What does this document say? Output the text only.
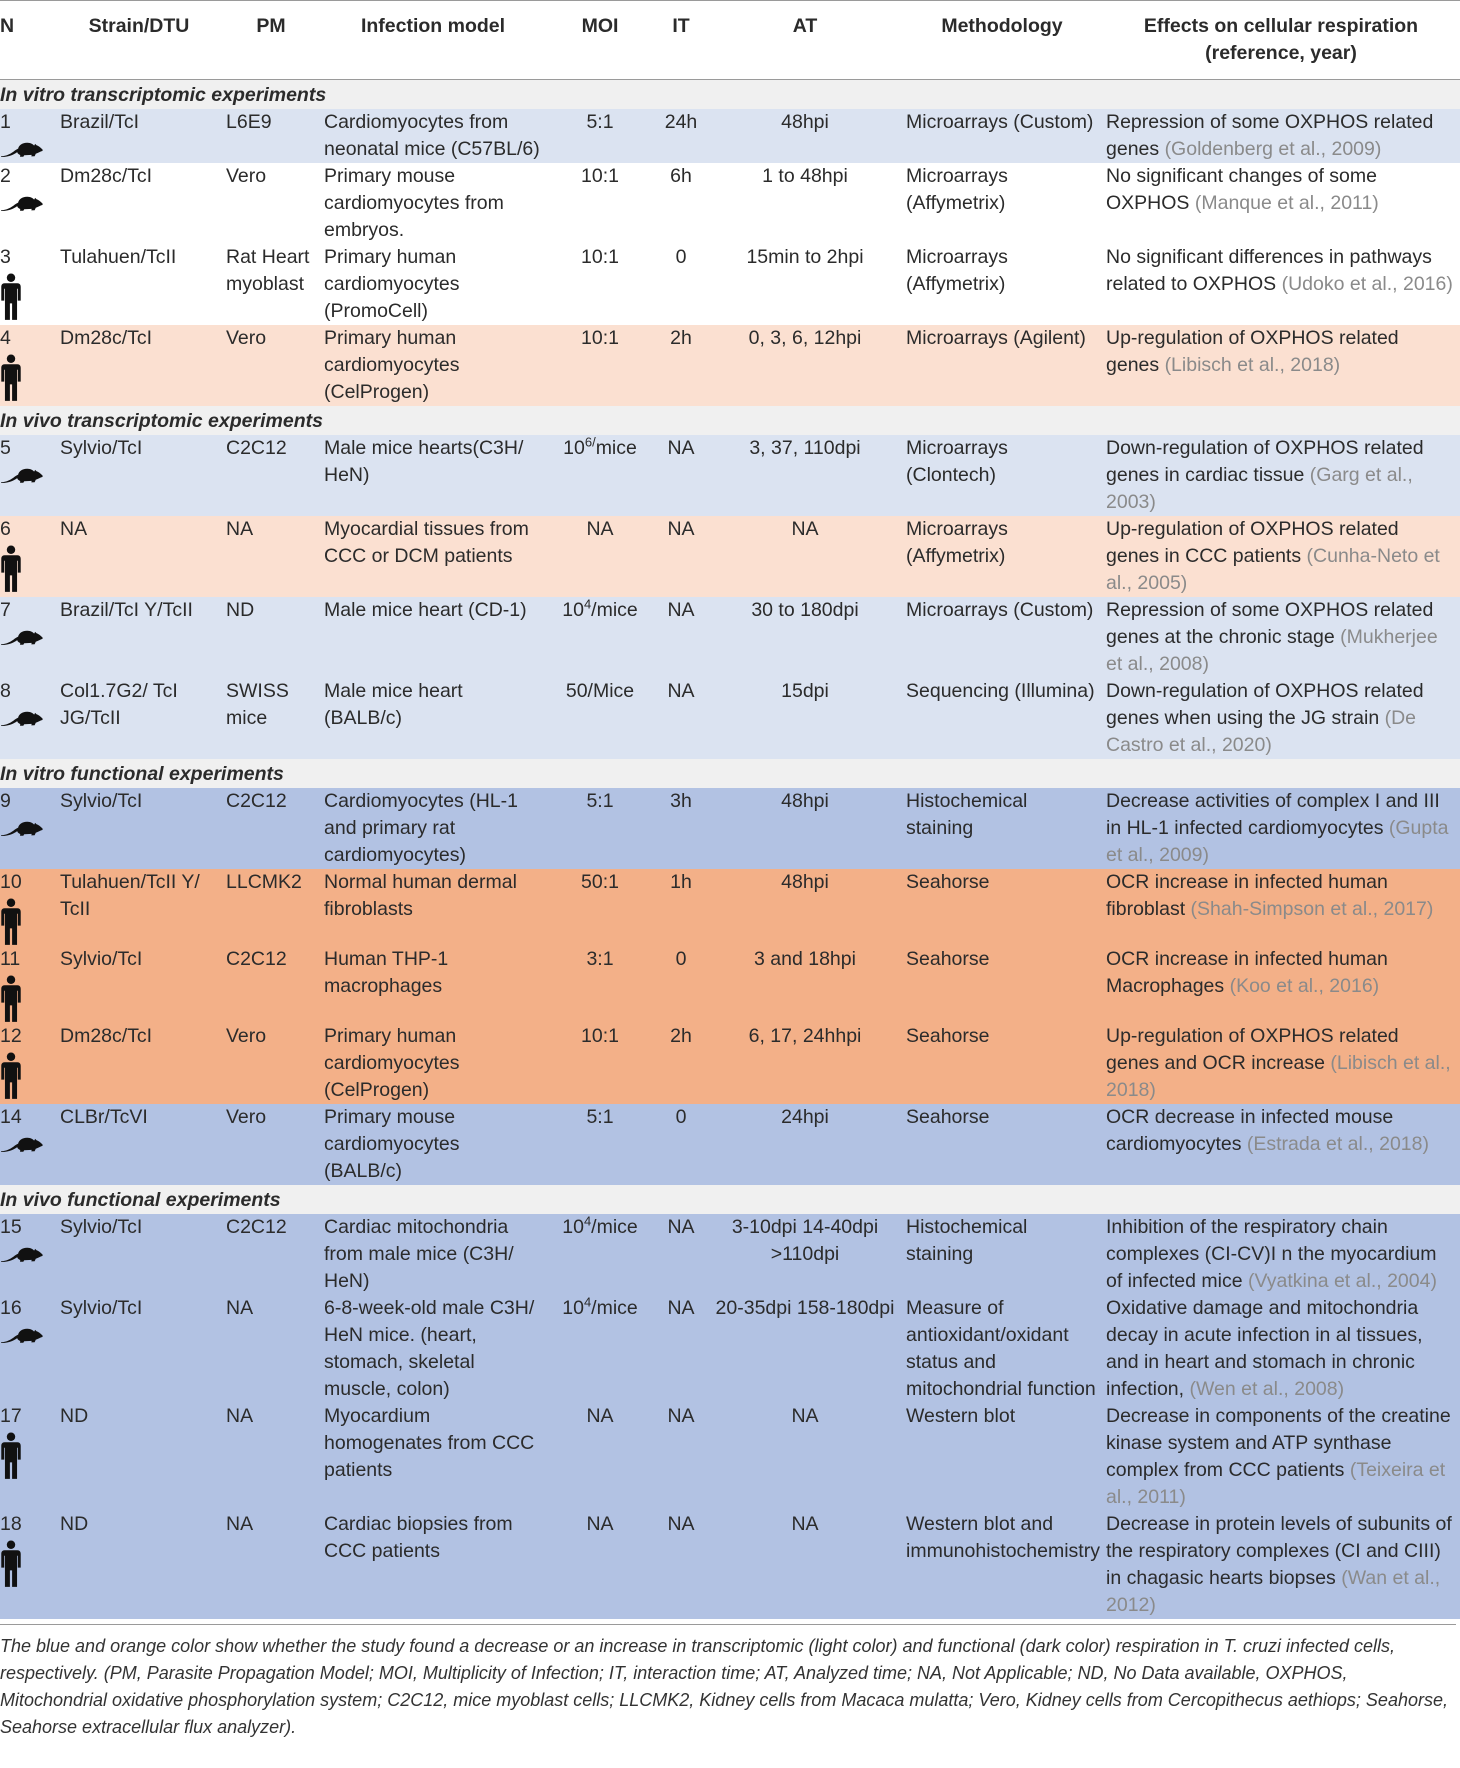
N	Strain/DTU	PM	Infection model	MOI	IT	AT	Methodology	Effects on cellular respiration (reference, year)
In vitro transcriptomic experiments								

1	Brazil/TcI	L6E9	Cardiomyocytes from neonatal mice (C57BL/6)	5:1	24h	48hpi	Microarrays (Custom)	Repression of some OXPHOS related genes (Goldenberg et al., 2009)

2	Dm28c/TcI	Vero	Primary mouse cardiomyocytes from embryos.	10:1	6h	1 to 48hpi	Microarrays (Affymetrix)	No significant changes of some OXPHOS (Manque et al., 2011)

3	Tulahuen/TcII	Rat Heart myoblast	Primary human cardiomyocytes (PromoCell)	10:1	0	15min to 2hpi	Microarrays (Affymetrix)	No significant differences in pathways related to OXPHOS (Udoko et al., 2016)

4	Dm28c/TcI	Vero	Primary human cardiomyocytes (CelProgen)	10:1	2h	0, 3, 6, 12hpi	Microarrays (Agilent)	Up-regulation of OXPHOS related genes (Libisch et al., 2018)
In vivo transcriptomic experiments								

5	Sylvio/TcI	C2C12	Male mice hearts(C3H/ HeN)	$10^{6/}mice$	NA	3, 37, 110dpi	Microarrays (Clontech)	Down-regulation of OXPHOS related genes in cardiac tissue (Garg et al., 2003)

6	NA	NA	Myocardial tissues from CCC or DCM patients	NA	NA	NA	Microarrays (Affymetrix)	Up-regulation of OXPHOS related genes in CCC patients (Cunha-Neto et al., 2005)

7	Brazil/TcI Y/TcII	ND	Male mice heart (CD-1)	$10^4$/mice	NA	30 to 180dpi	Microarrays (Custom)	Repression of some OXPHOS related genes at the chronic stage (Mukherjee et al., 2008)

8	Col1.7G2/ TcI JG/TcII	SWISS mice	Male mice heart (BALB/c)	50/Mice	NA	15dpi	Sequencing (Illumina)	Down-regulation of OXPHOS related genes when using the JG strain (De Castro et al., 2020)
In vitro functional experiments								

9	Sylvio/TcI	C2C12	Cardiomyocytes (HL-1 and primary rat cardiomyocytes)	5:1	3h	48hpi	Histochemical staining	Decrease activities of complex I and III in HL-1 infected cardiomyocytes (Gupta et al., 2009)

10	Tulahuen/TcII Y/ TcII	LLCMK2	Normal human dermal fibroblasts	50:1	1h	48hpi	Seahorse	OCR increase in infected human fibroblast (Shah-Simpson et al., 2017)

11	Sylvio/TcI	C2C12	Human THP-1 macrophages	3:1	0	3 and 18hpi	Seahorse	OCR increase in infected human Macrophages (Koo et al., 2016)

12	Dm28c/TcI	Vero	Primary human cardiomyocytes (CelProgen)	10:1	2h	6, 17, 24hhpi	Seahorse	Up-regulation of OXPHOS related genes and OCR increase (Libisch et al., 2018)

14	CLBr/TcVI	Vero	Primary mouse cardiomyocytes (BALB/c)	5:1	0	24hpi	Seahorse	OCR decrease in infected mouse cardiomyocytes (Estrada et al., 2018)
In vivo functional experiments								

15	Sylvio/TcI	C2C12	Cardiac mitochondria from male mice (C3H/ HeN)	$10^4$/mice	NA	3-10dpi 14-40dpi >110dpi	Histochemical staining	Inhibition of the respiratory chain complexes (CI-CV)I n the myocardium of infected mice (Vyatkina et al., 2004)

16	Sylvio/TcI	NA	6-8-week-old male C3H/ HeN mice. (heart, stomach, skeletal muscle, colon)	$10^4$/mice	NA	20-35dpi 158-180dpi	Measure of antioxidant/oxidant status and mitochondrial function	Oxidative damage and mitochondria decay in acute infection in al tissues, and in heart and stomach in chronic infection, (Wen et al., 2008)

17	ND	NA	Myocardium homogenates from CCC patients	NA	NA	NA	Western blot	Decrease in components of the creatine kinase system and ATP synthase complex from CCC patients (Teixeira et al., 2011)

18	ND	NA	Cardiac biopsies from CCC patients	NA	NA	NA	Western blot and immunohistochemistry	Decrease in protein levels of subunits of the respiratory complexes (CI and CIII) in chagasic hearts biopses (Wan et al., 2012)
The blue and orange color show whether the study found a decrease or an increase in transcriptomic (light color) and functional (dark color) respiration in T. cruzi infected cells, respectively. (PM, Parasite Propagation Model; MOI, Multiplicity of Infection; IT, interaction time; AT, Analyzed time; NA, Not Applicable; ND, No Data available, OXPHOS, Mitochondrial oxidative phosphorylation system; C2C12, mice myoblast cells; LLCMK2, Kidney cells from Macaca mulatta; Vero, Kidney cells from Cercopithecus aethiops; Seahorse, Seahorse extracellular flux analyzer).
